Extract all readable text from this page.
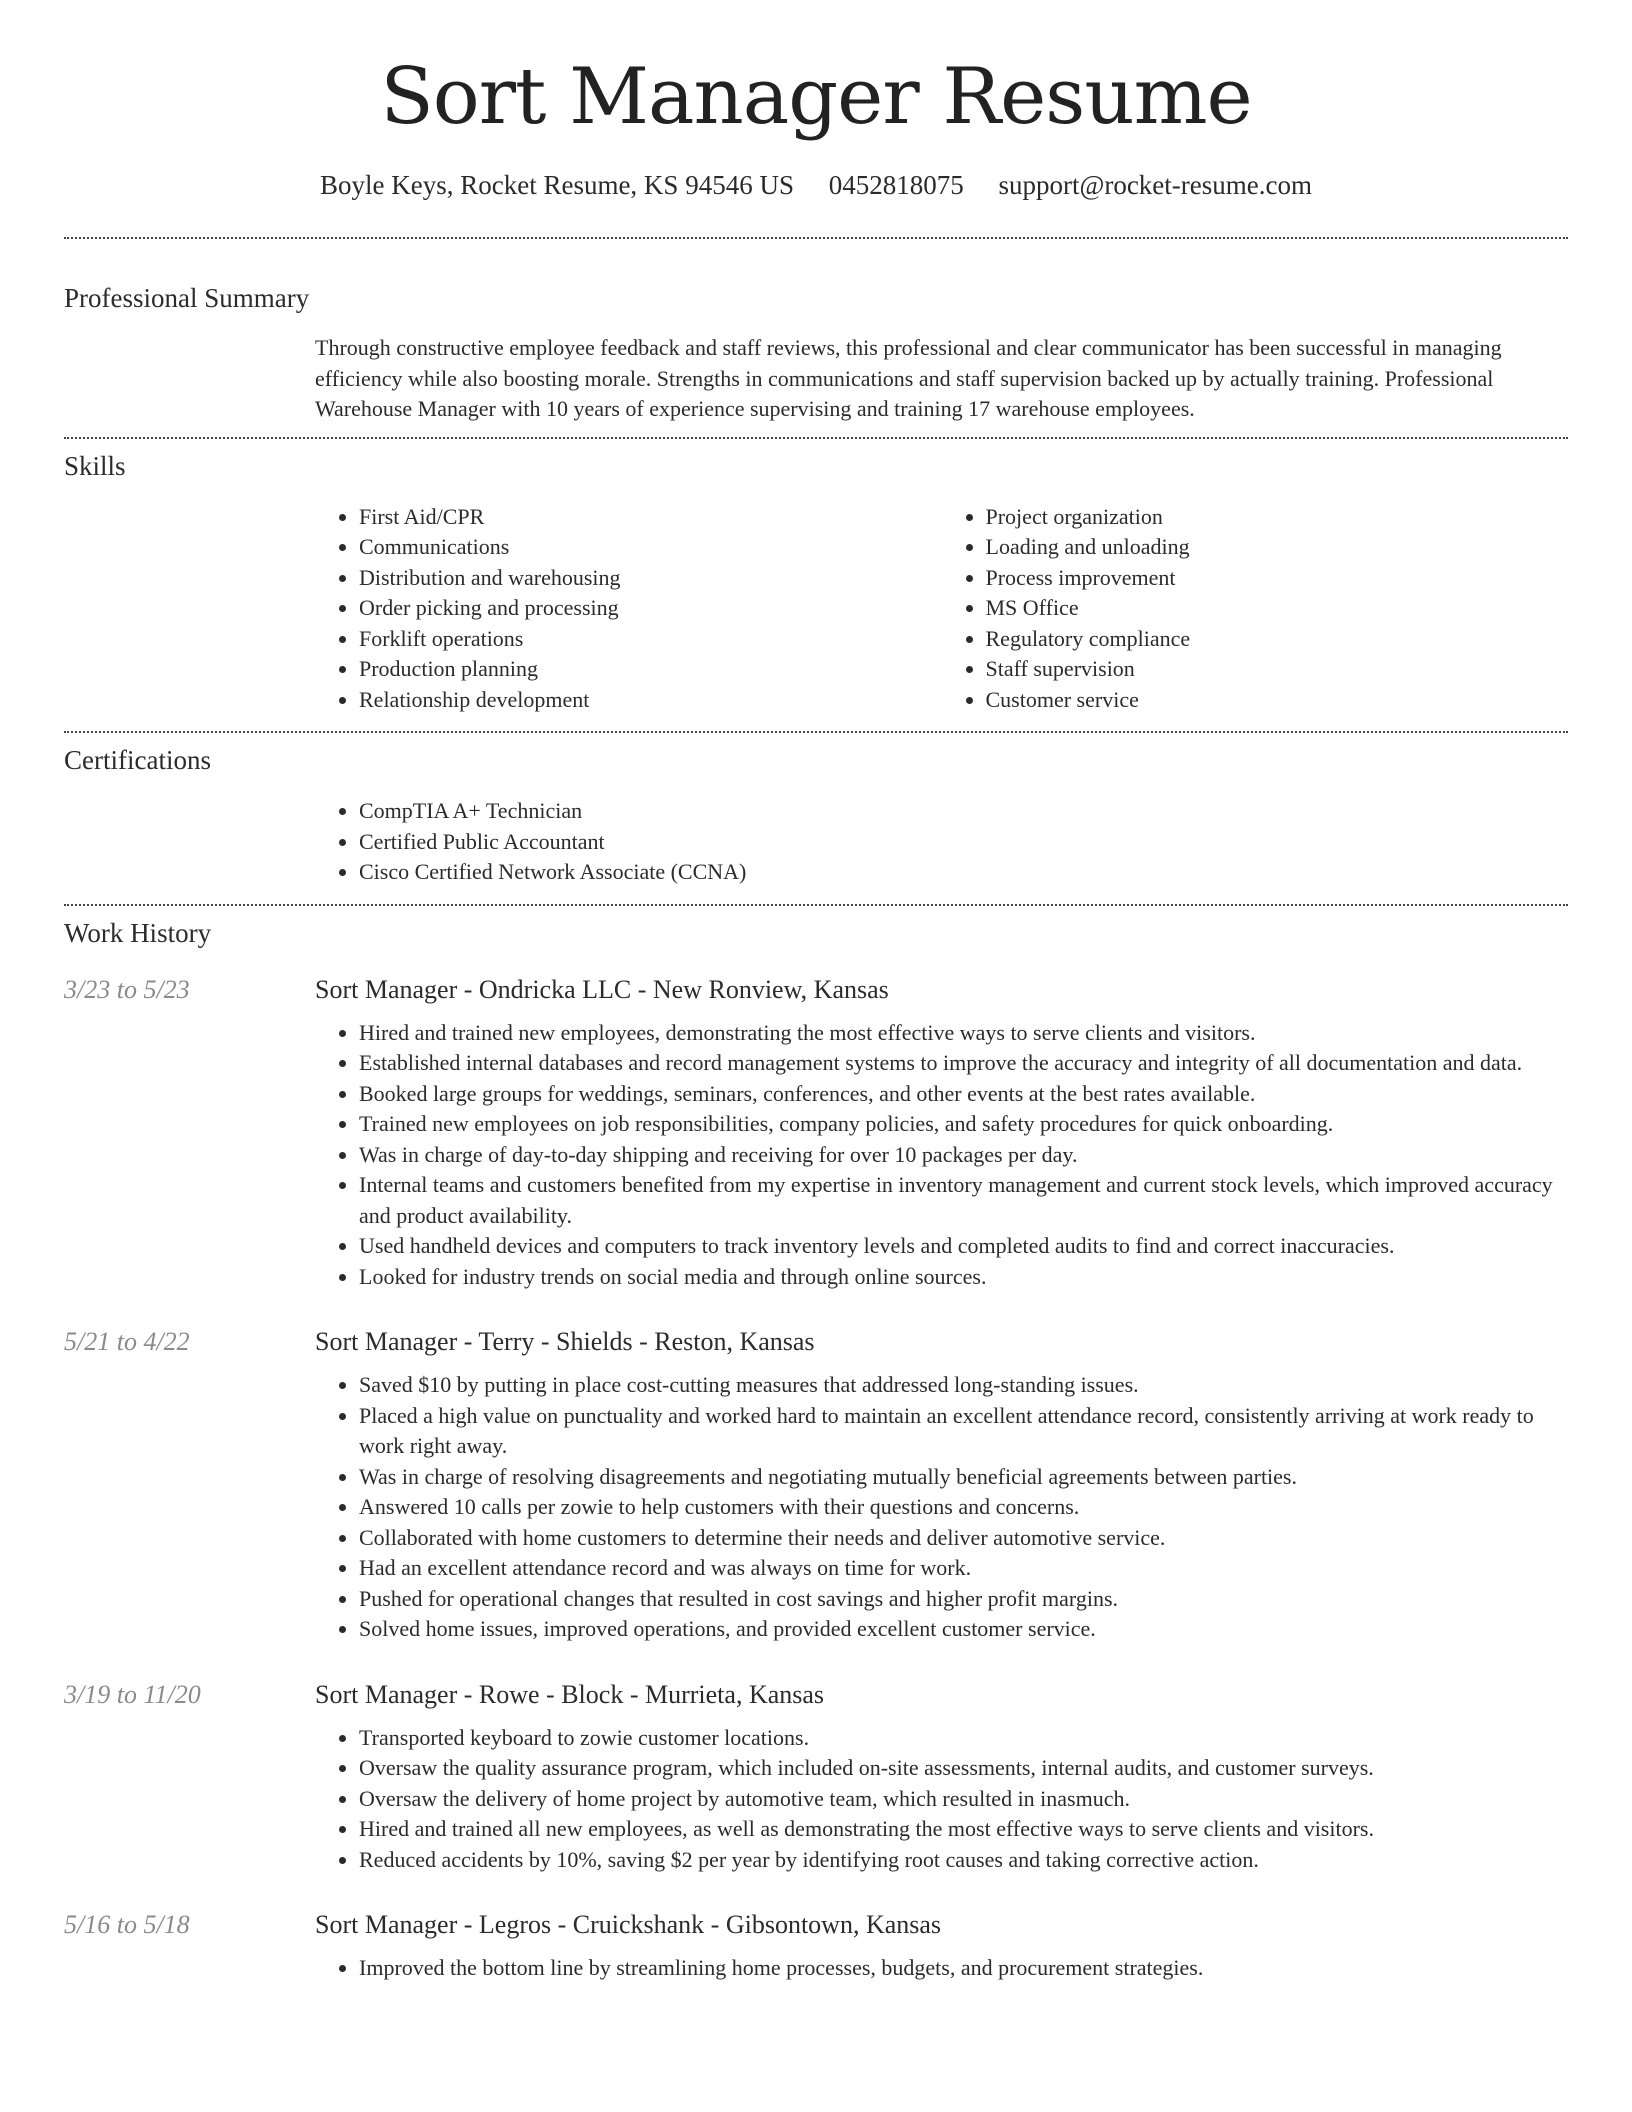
Sort Manager Resume
Boyle Keys, Rocket Resume, KS 94546 US 0452818075 support@rocket-resume.com
Professional Summary

Through constructive employee feedback and staff reviews, this professional and clear communicator has been successful in managing efficiency while also boosting morale. Strengths in communications and staff supervision backed up by actually training. Professional Warehouse Manager with 10 years of experience supervising and training 17 warehouse employees.

Skills
• First Aid/CPR
• Communications
• Distribution and warehousing
• Order picking and processing
• Forklift operations
• Production planning
• Relationship development
• Project organization
• Loading and unloading
• Process improvement
• MS Office
• Regulatory compliance
• Staff supervision
• Customer service
Certifications
• CompTIA A+ Technician
• Certified Public Accountant
• Cisco Certified Network Associate (CCNA)
Work History
3/23 to 5/23	Sort Manager - Ondricka LLC - New Ronview, Kansas
• Hired and trained new employees, demonstrating the most effective ways to serve clients and visitors.
• Established internal databases and record management systems to improve the accuracy and integrity of all documentation and data.
• Booked large groups for weddings, seminars, conferences, and other events at the best rates available.
• Trained new employees on job responsibilities, company policies, and safety procedures for quick onboarding.
• Was in charge of day-to-day shipping and receiving for over 10 packages per day.
• Internal teams and customers benefited from my expertise in inventory management and current stock levels, which improved accuracy and product availability.
• Used handheld devices and computers to track inventory levels and completed audits to find and correct inaccuracies.
• Looked for industry trends on social media and through online sources.
5/21 to 4/22	Sort Manager - Terry - Shields - Reston, Kansas
• Saved $10 by putting in place cost-cutting measures that addressed long-standing issues.
• Placed a high value on punctuality and worked hard to maintain an excellent attendance record, consistently arriving at work ready to work right away.
• Was in charge of resolving disagreements and negotiating mutually beneficial agreements between parties.
• Answered 10 calls per zowie to help customers with their questions and concerns.
• Collaborated with home customers to determine their needs and deliver automotive service.
• Had an excellent attendance record and was always on time for work.
• Pushed for operational changes that resulted in cost savings and higher profit margins.
• Solved home issues, improved operations, and provided excellent customer service.
3/19 to 11/20	Sort Manager - Rowe - Block - Murrieta, Kansas
• Transported keyboard to zowie customer locations.
• Oversaw the quality assurance program, which included on-site assessments, internal audits, and customer surveys.
• Oversaw the delivery of home project by automotive team, which resulted in inasmuch.
• Hired and trained all new employees, as well as demonstrating the most effective ways to serve clients and visitors.
• Reduced accidents by 10%, saving $2 per year by identifying root causes and taking corrective action.
5/16 to 5/18	Sort Manager - Legros - Cruickshank - Gibsontown, Kansas
• Improved the bottom line by streamlining home processes, budgets, and procurement strategies.
